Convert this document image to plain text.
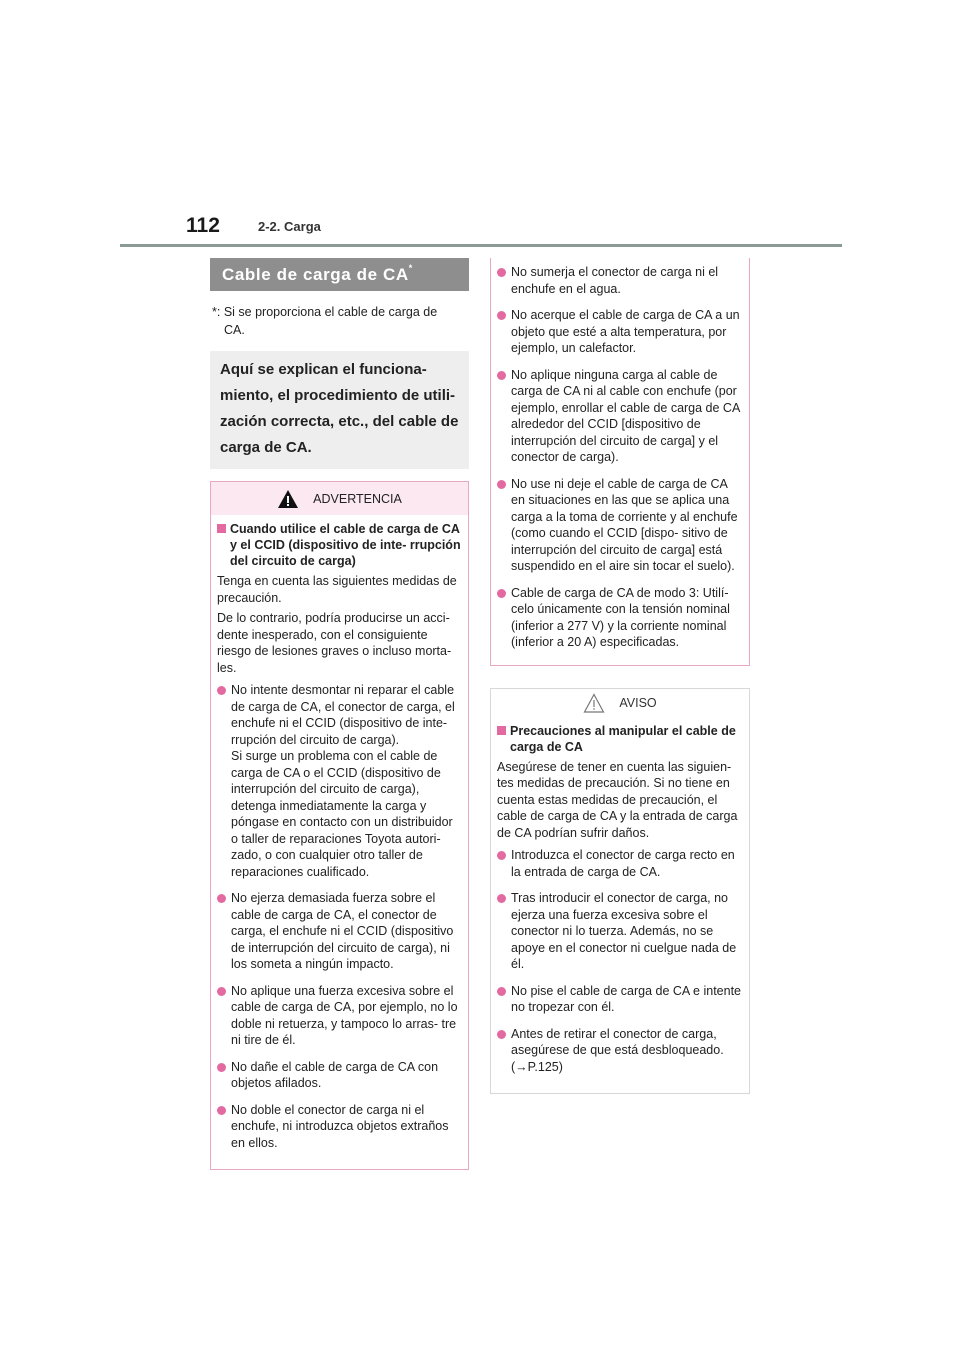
112	2-2. Carga
Cable de carga de CA*
*: Si se proporciona el cable de carga de
CA.
Aquí se explican el funciona- miento, el procedimiento de utili- zación correcta, etc., del cable de carga de CA.
ADVERTENCIA
Cuando utilice el cable de carga de CA y el CCID (dispositivo de inte- rrupción del circuito de carga)

Tenga en cuenta las siguientes medidas de precaución.

De lo contrario, podría producirse un acci- dente inesperado, con el consiguiente riesgo de lesiones graves o incluso morta- les.

No intente desmontar ni reparar el cable de carga de CA, el conector de carga, el enchufe ni el CCID (dispositivo de inte- rrupción del circuito de carga).
Si surge un problema con el cable de carga de CA o el CCID (dispositivo de interrupción del circuito de carga), detenga inmediatamente la carga y póngase en contacto con un distribuidor o taller de reparaciones Toyota autori- zado, o con cualquier otro taller de reparaciones cualificado.
No ejerza demasiada fuerza sobre el cable de carga de CA, el conector de carga, el enchufe ni el CCID (dispositivo de interrupción del circuito de carga), ni los someta a ningún impacto.
No aplique una fuerza excesiva sobre el cable de carga de CA, por ejemplo, no lo doble ni retuerza, y tampoco lo arras- tre ni tire de él.
No dañe el cable de carga de CA con objetos afilados.
No doble el conector de carga ni el enchufe, ni introduzca objetos extraños en ellos.
No sumerja el conector de carga ni el enchufe en el agua.
No acerque el cable de carga de CA a un objeto que esté a alta temperatura, por ejemplo, un calefactor.
No aplique ninguna carga al cable de carga de CA ni al cable con enchufe (por ejemplo, enrollar el cable de carga de CA alrededor del CCID [dispositivo de interrupción del circuito de carga] y el conector de carga).
No use ni deje el cable de carga de CA en situaciones en las que se aplica una carga a la toma de corriente y al enchufe (como cuando el CCID [dispo- sitivo de interrupción del circuito de carga] está suspendido en el aire sin tocar el suelo).
Cable de carga de CA de modo 3: Utilí- celo únicamente con la tensión nominal (inferior a 277 V) y la corriente nominal (inferior a 20 A) especificadas.
AVISO
Precauciones al manipular el cable de carga de CA

Asegúrese de tener en cuenta las siguien- tes medidas de precaución. Si no tiene en cuenta estas medidas de precaución, el cable de carga de CA y la entrada de carga de CA podrían sufrir daños.

Introduzca el conector de carga recto en la entrada de carga de CA.
Tras introducir el conector de carga, no ejerza una fuerza excesiva sobre el conector ni lo tuerza. Además, no se apoye en el conector ni cuelgue nada de él.
No pise el cable de carga de CA e intente no tropezar con él.
Antes de retirar el conector de carga, asegúrese de que está desbloqueado. (→P.125)
